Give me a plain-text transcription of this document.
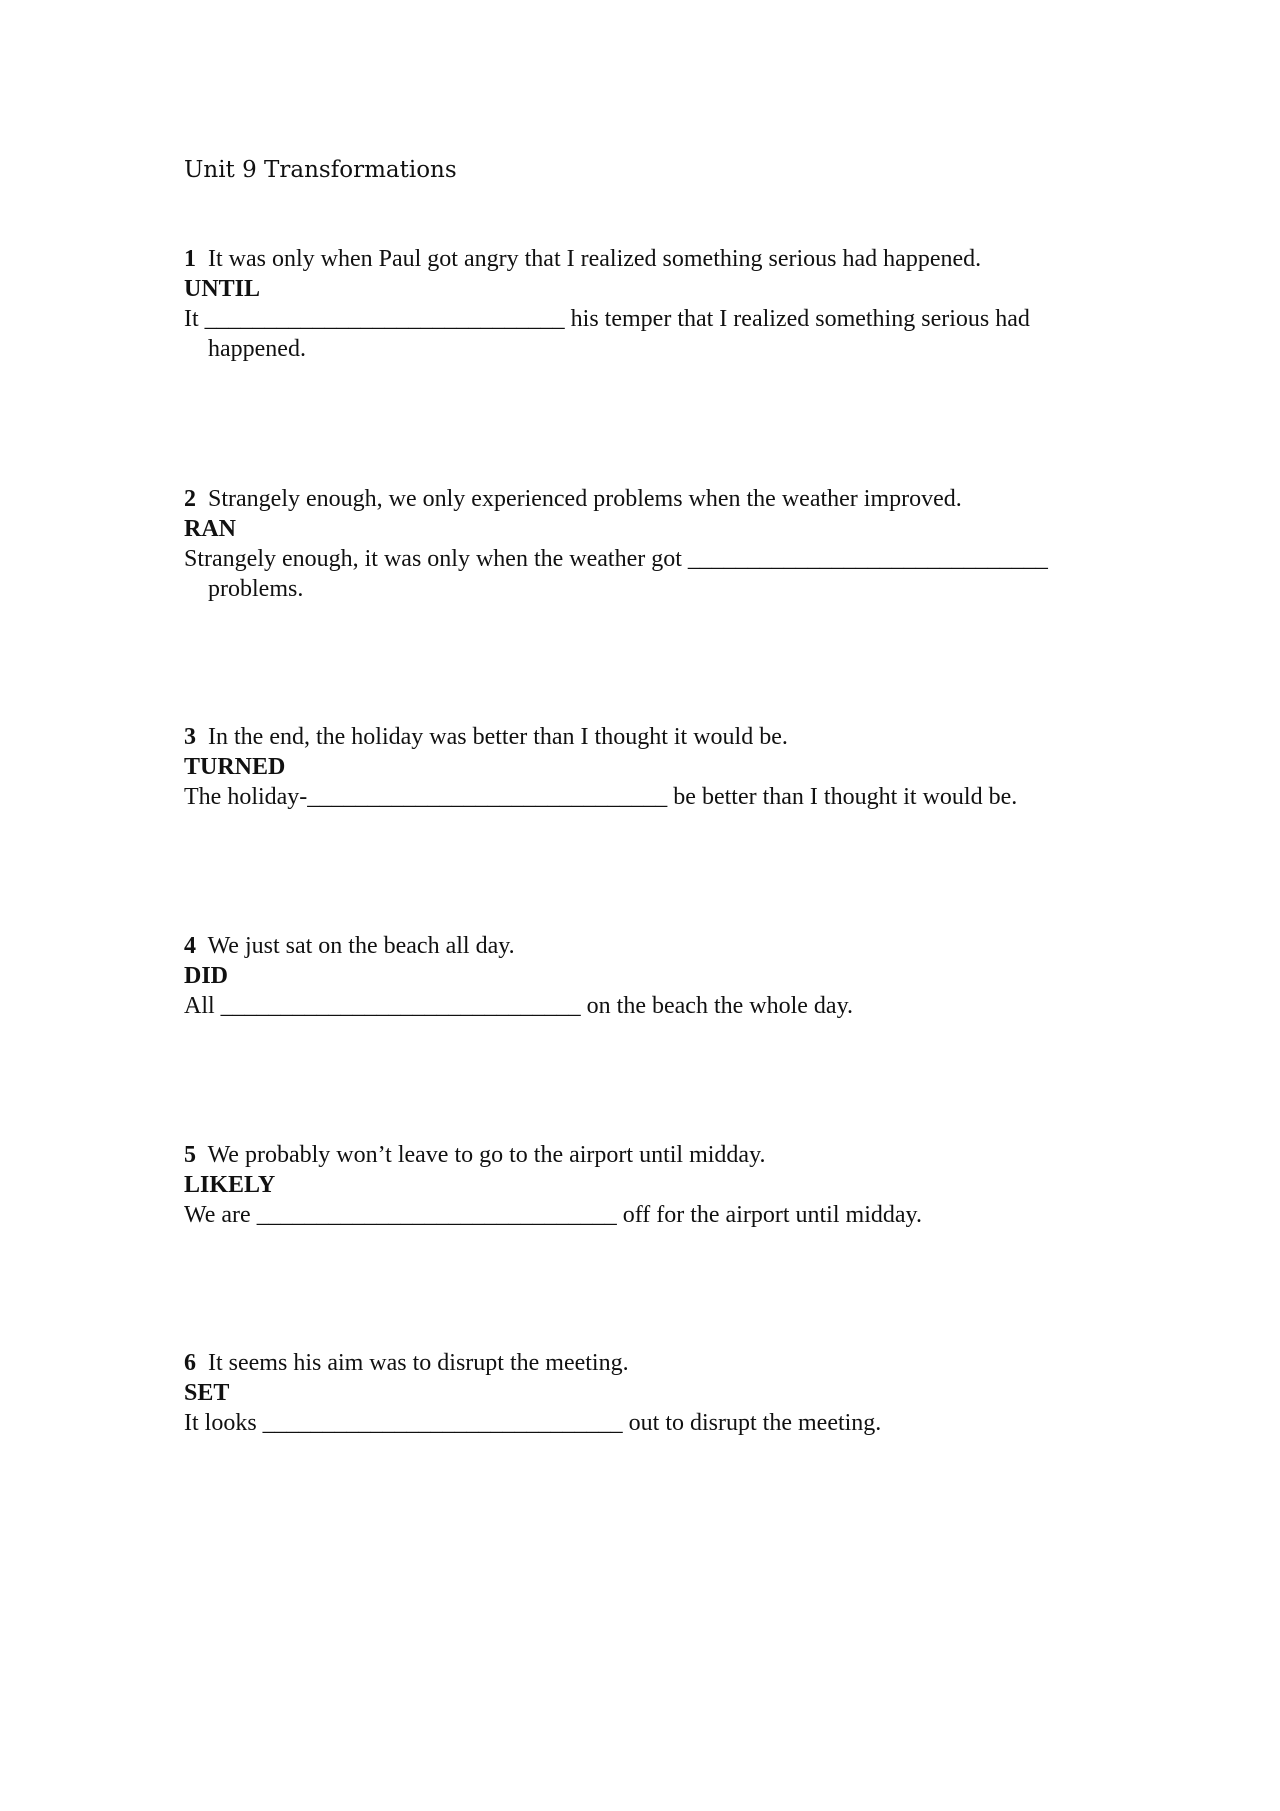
Unit 9 Transformations
1 It was only when Paul got angry that I realized something serious had happened.
UNTIL
It ______________________________ his temper that I realized something serious had happened.
2 Strangely enough, we only experienced problems when the weather improved.
RAN
Strangely enough, it was only when the weather got ______________________________ problems.
3 In the end, the holiday was better than I thought it would be.
TURNED
The holiday-______________________________ be better than I thought it would be.
4 We just sat on the beach all day.
DID
All ______________________________ on the beach the whole day.
5 We probably won’t leave to go to the airport until midday.
LIKELY
We are ______________________________ off for the airport until midday.
6 It seems his aim was to disrupt the meeting.
SET
It looks ______________________________ out to disrupt the meeting.
